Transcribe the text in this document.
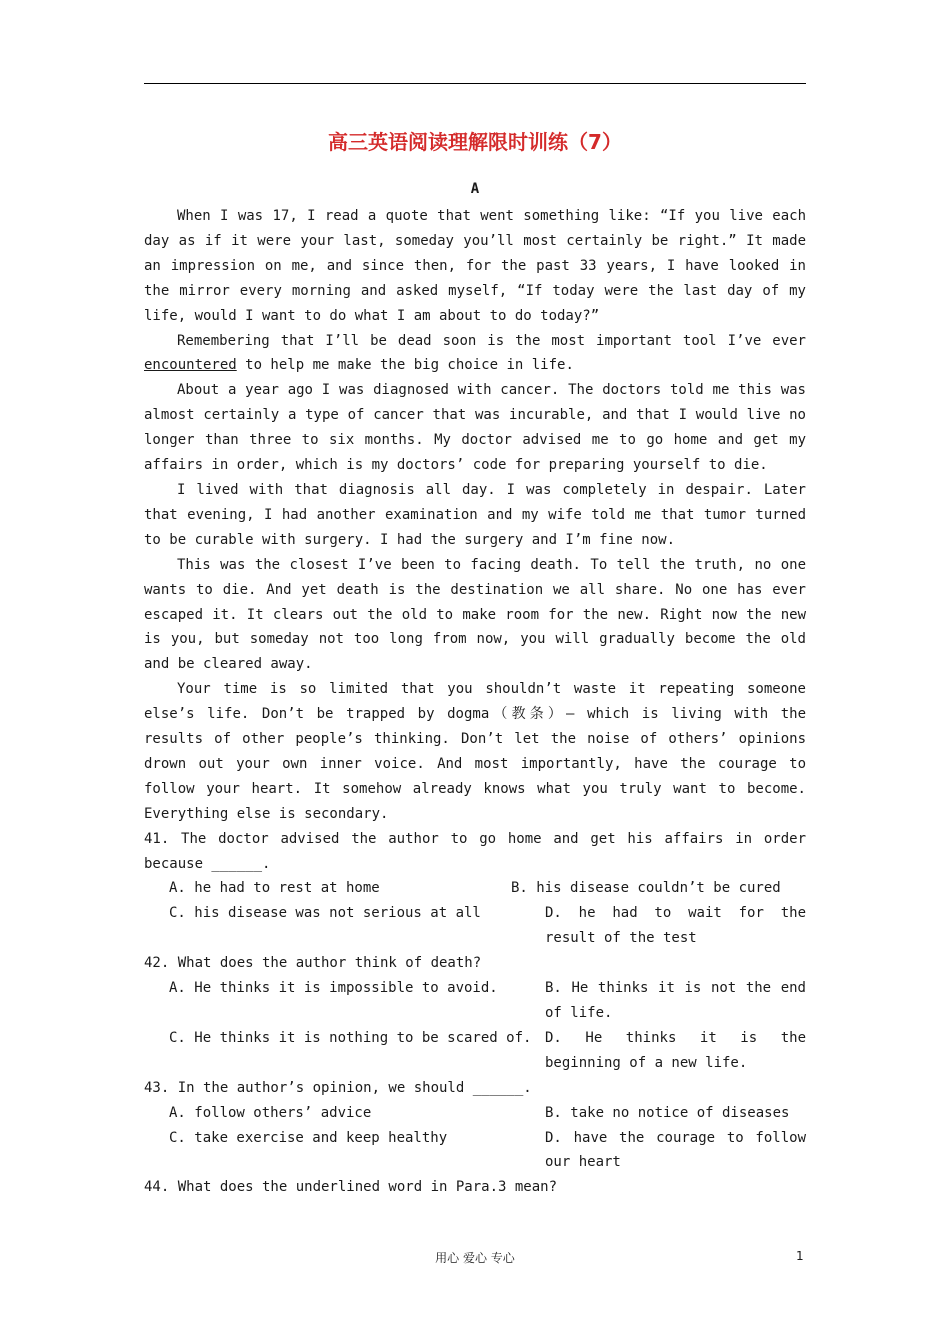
高三英语阅读理解限时训练（7）
A

When I was 17, I read a quote that went something like: “If you live each day as if it were your last, someday you’ll most certainly be right.” It made an impression on me, and since then, for the past 33 years, I have looked in the mirror every morning and asked myself, “If today were the last day of my life, would I want to do what I am about to do today?”

Remembering that I’ll be dead soon is the most important tool I’ve ever encountered to help me make the big choice in life.

About a year ago I was diagnosed with cancer. The doctors told me this was almost certainly a type of cancer that was incurable, and that I would live no longer than three to six months. My doctor advised me to go home and get my affairs in order, which is my doctors’ code for preparing yourself to die.

I lived with that diagnosis all day. I was completely in despair. Later that evening, I had another examination and my wife told me that tumor turned to be curable with surgery. I had the surgery and I’m fine now.

This was the closest I’ve been to facing death. To tell the truth, no one wants to die. And yet death is the destination we all share. No one has ever escaped it. It clears out the old to make room for the new. Right now the new is you, but someday not too long from now, you will gradually become the old and be cleared away.

Your time is so limited that you shouldn’t waste it repeating someone else’s life. Don’t be trapped by dogma（教条）— which is living with the results of other people’s thinking. Don’t let the noise of others’ opinions drown out your own inner voice. And most importantly, have the courage to follow your heart. It somehow already knows what you truly want to become. Everything else is secondary.

41. The doctor advised the author to go home and get his affairs in order because ______.

A. he had to rest at home	B. his disease couldn’t be cured
C. his disease was not serious at all	D. he had to wait for the result of the test

42. What does the author think of death?

A. He thinks it is impossible to avoid.	B. He thinks it is not the end of life.
C. He thinks it is nothing to be scared of. D. He thinks it is the beginning of a new life.

43. In the author’s opinion, we should ______.

A. follow others’ advice	B. take no notice of diseases
C. take exercise and keep healthy	D. have the courage to follow our heart

44. What does the underlined word in Para.3 mean?

用心 爱心 专心	1
